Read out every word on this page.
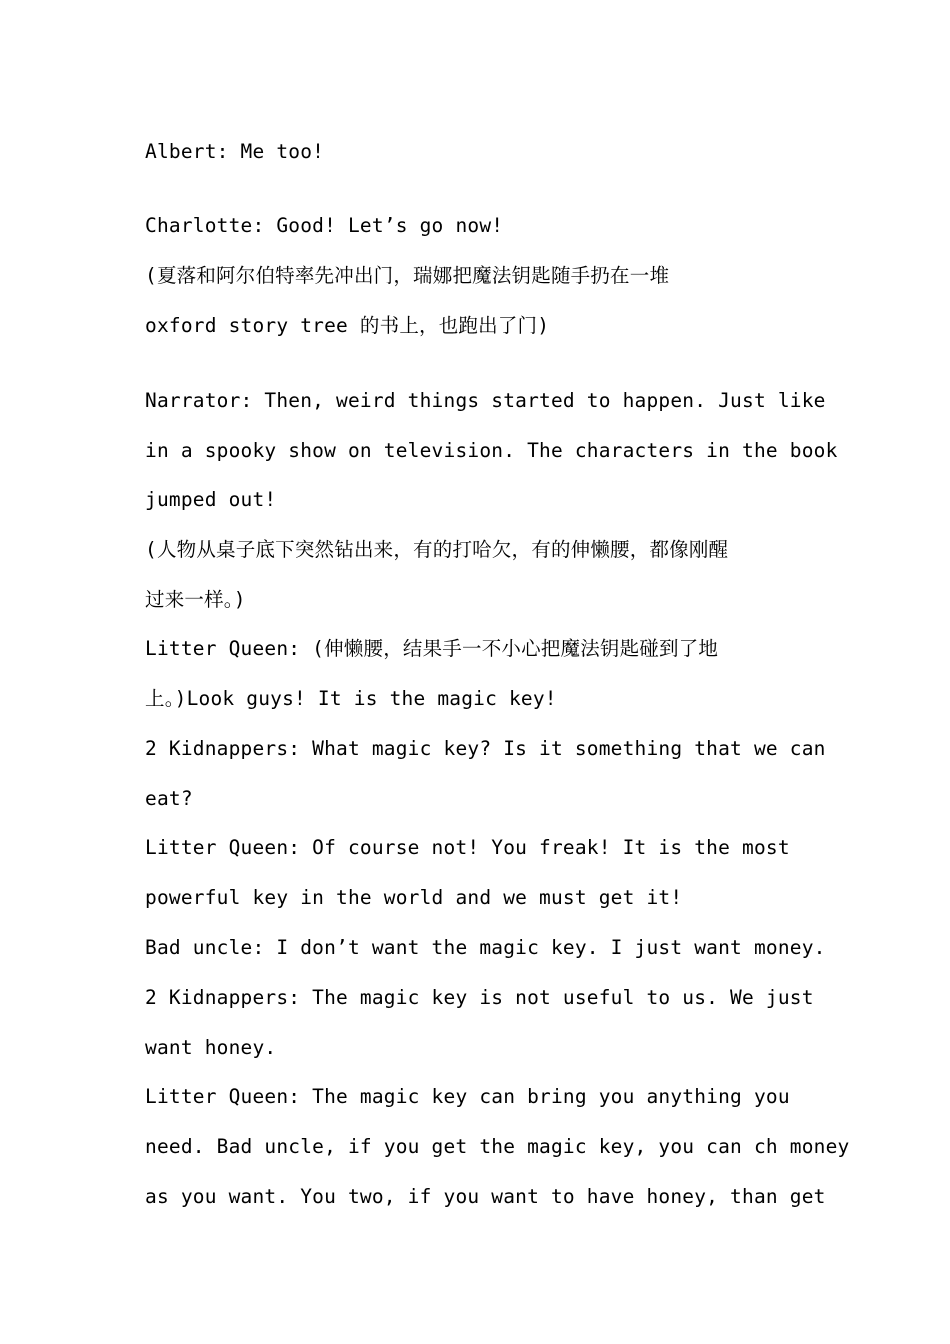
Albert: Me too!
Charlotte: Good! Let’s go now!
(夏落和阿尔伯特率先冲出门，瑞娜把魔法钥匙随手扔在一堆
oxford story tree 的书上，也跑出了门)
Narrator: Then, weird things started to happen. Just like
in a spooky show on television. The characters in the book
jumped out!
(人物从桌子底下突然钻出来，有的打哈欠，有的伸懒腰，都像刚醒
过来一样。)
Litter Queen: (伸懒腰，结果手一不小心把魔法钥匙碰到了地
上。)Look guys! It is the magic key!
2 Kidnappers: What magic key? Is it something that we can
eat?
Litter Queen: Of course not! You freak! It is the most
powerful key in the world and we must get it!
Bad uncle: I don’t want the magic key. I just want money.
2 Kidnappers: The magic key is not useful to us. We just
want honey.
Litter Queen: The magic key can bring you anything you
need. Bad uncle, if you get the magic key, you can ch money
as you want. You two, if you want to have honey, than get
